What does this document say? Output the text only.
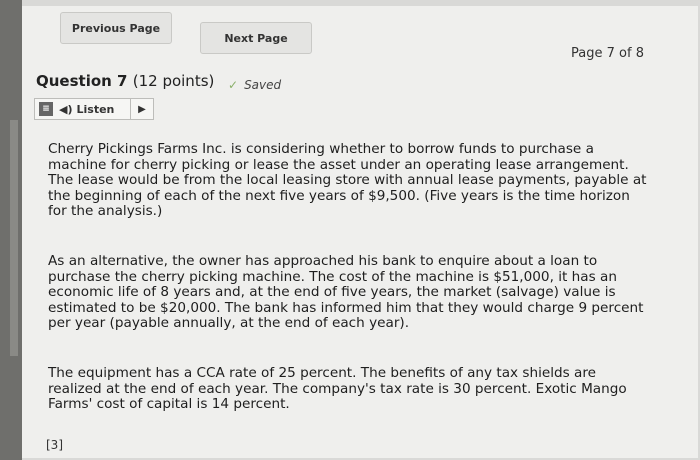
Previous Page
Next Page
Page 7 of 8
Question 7 (12 points) ✓ Saved
≡ ◀) Listen	▶
Cherry Pickings Farms Inc. is considering whether to borrow funds to purchase a machine for cherry picking or lease the asset under an operating lease arrangement. The lease would be from the local leasing store with annual lease payments, payable at the beginning of each of the next five years of $9,500. (Five years is the time horizon for the analysis.)
As an alternative, the owner has approached his bank to enquire about a loan to purchase the cherry picking machine. The cost of the machine is $51,000, it has an economic life of 8 years and, at the end of five years, the market (salvage) value is estimated to be $20,000. The bank has informed him that they would charge 9 percent per year (payable annually, at the end of each year).
The equipment has a CCA rate of 25 percent. The benefits of any tax shields are realized at the end of each year. The company's tax rate is 30 percent. Exotic Mango Farms' cost of capital is 14 percent.
[3]
